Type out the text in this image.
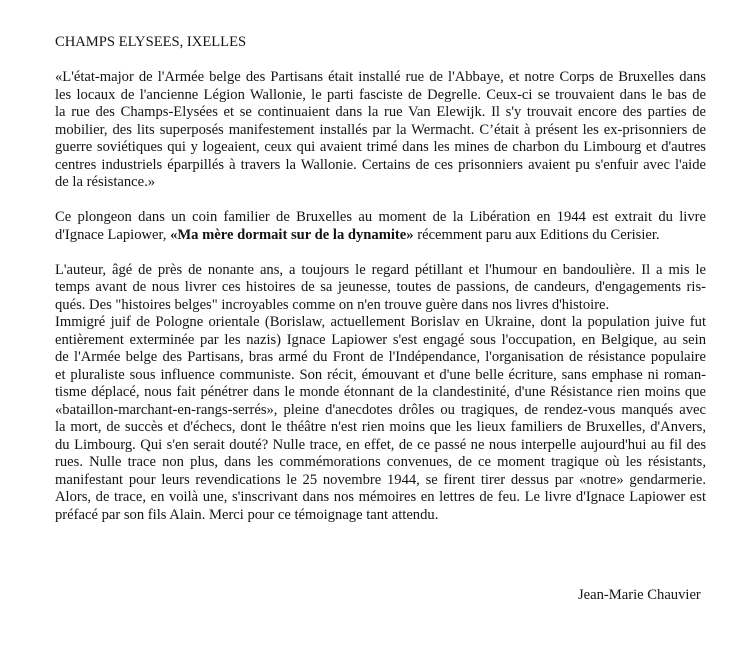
CHAMPS ELYSEES, IXELLES
«L'état-major de l'Armée belge des Partisans était installé rue de l'Abbaye, et notre Corps de Bruxelles dans
les locaux de l'ancienne Légion Wallonie, le parti fasciste de Degrelle. Ceux-ci se trouvaient dans le bas de
la rue des Champs-Elysées et se continuaient dans la rue Van Elewijk. Il s'y trouvait encore des parties de
mobilier, des lits superposés manifestement installés par la Wermacht. C’était à présent les ex-prisonniers de
guerre soviétiques qui y logeaient, ceux qui avaient trimé dans les mines de charbon du Limbourg et d'autres
centres industriels éparpillés à travers la Wallonie. Certains de ces prisonniers avaient pu s'enfuir avec l'aide
de la résistance.»
Ce plongeon dans un coin familier de Bruxelles au moment de la Libération en 1944 est extrait du livre
d'Ignace Lapiower, «Ma mère dormait sur de la dynamite» récemment paru aux Editions du Cerisier.
L'auteur, âgé de près de nonante ans, a toujours le regard pétillant et l'humour en bandoulière. Il a mis le
temps avant de nous livrer ces histoires de sa jeunesse, toutes de passions, de candeurs, d'engagements ris-
qués. Des "histoires belges" incroyables comme on n'en trouve guère dans nos livres d'histoire.
Immigré juif de Pologne orientale (Borislaw, actuellement Borislav en Ukraine, dont la population juive fut
entièrement exterminée par les nazis) Ignace Lapiower s'est engagé sous l'occupation, en Belgique, au sein
de l'Armée belge des Partisans, bras armé du Front de l'Indépendance, l'organisation de résistance populaire
et pluraliste sous influence communiste. Son récit, émouvant et d'une belle écriture, sans emphase ni roman-
tisme déplacé, nous fait pénétrer dans le monde étonnant de la clandestinité, d'une Résistance rien moins que
«bataillon-marchant-en-rangs-serrés», pleine d'anecdotes drôles ou tragiques, de rendez-vous manqués avec
la mort, de succès et d'échecs, dont le théâtre n'est rien moins que les lieux familiers de Bruxelles, d'Anvers,
du Limbourg. Qui s'en serait douté? Nulle trace, en effet, de ce passé ne nous interpelle aujourd'hui au fil des
rues. Nulle trace non plus, dans les commémorations convenues, de ce moment tragique où les résistants,
manifestant pour leurs revendications le 25 novembre 1944, se firent tirer dessus par «notre» gendarmerie.
Alors, de trace, en voilà une, s'inscrivant dans nos mémoires en lettres de feu. Le livre d'Ignace Lapiower est
préfacé par son fils Alain. Merci pour ce témoignage tant attendu.
Jean-Marie Chauvier
